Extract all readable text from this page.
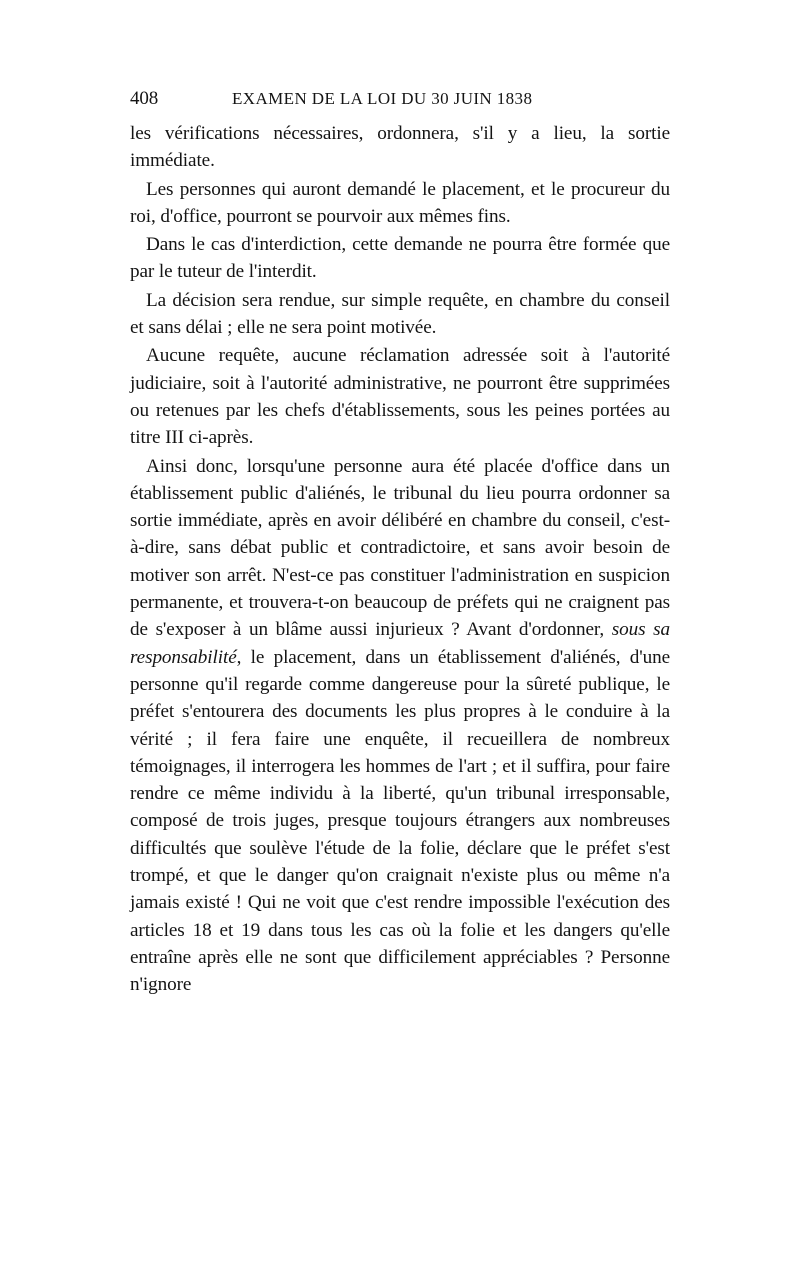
408	EXAMEN DE LA LOI DU 30 JUIN 1838

les vérifications nécessaires, ordonnera, s'il y a lieu, la sortie immédiate.

Les personnes qui auront demandé le placement, et le procureur du roi, d'office, pourront se pourvoir aux mêmes fins.

Dans le cas d'interdiction, cette demande ne pourra être formée que par le tuteur de l'interdit.

La décision sera rendue, sur simple requête, en chambre du conseil et sans délai ; elle ne sera point motivée.

Aucune requête, aucune réclamation adressée soit à l'autorité judiciaire, soit à l'autorité administrative, ne pourront être supprimées ou retenues par les chefs d'établissements, sous les peines portées au titre III ci-après.

Ainsi donc, lorsqu'une personne aura été placée d'office dans un établissement public d'aliénés, le tribunal du lieu pourra ordonner sa sortie immédiate, après en avoir délibéré en chambre du conseil, c'est-à-dire, sans débat public et contradictoire, et sans avoir besoin de motiver son arrêt. N'est-ce pas constituer l'administration en suspicion permanente, et trouvera-t-on beaucoup de préfets qui ne craignent pas de s'exposer à un blâme aussi injurieux ? Avant d'ordonner, sous sa responsabilité, le placement, dans un établissement d'aliénés, d'une personne qu'il regarde comme dangereuse pour la sûreté publique, le préfet s'entourera des documents les plus propres à le conduire à la vérité ; il fera faire une enquête, il recueillera de nombreux témoignages, il interrogera les hommes de l'art ; et il suffira, pour faire rendre ce même individu à la liberté, qu'un tribunal irresponsable, composé de trois juges, presque toujours étrangers aux nombreuses difficultés que soulève l'étude de la folie, déclare que le préfet s'est trompé, et que le danger qu'on craignait n'existe plus ou même n'a jamais existé ! Qui ne voit que c'est rendre impossible l'exécution des articles 18 et 19 dans tous les cas où la folie et les dangers qu'elle entraîne après elle ne sont que difficilement appréciables ? Personne n'ignore
